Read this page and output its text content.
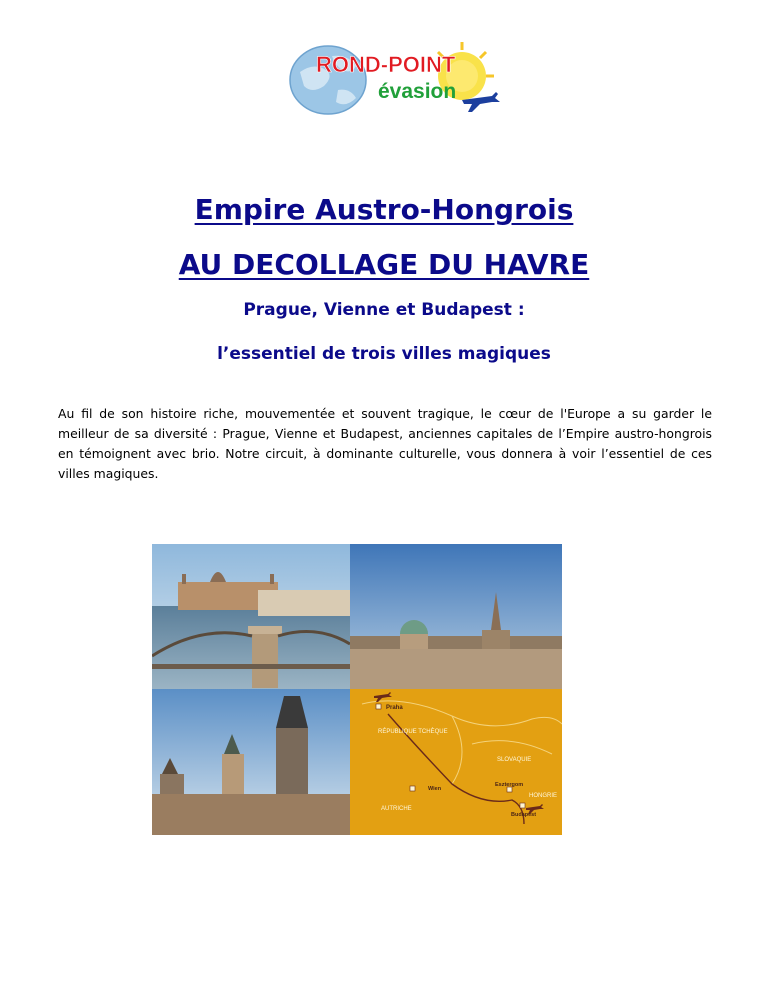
ROND-POINT
évasion
Empire Austro-Hongrois
AU DECOLLAGE DU HAVRE
Prague, Vienne et Budapest :
l’essentiel de trois villes magiques

Au fil de son histoire riche, mouvementée et souvent tragique, le cœur de l'Europe a su garder le meilleur de sa diversité : Prague, Vienne et Budapest, anciennes capitales de l’Empire austro-hongrois en témoignent avec brio. Notre circuit, à dominante culturelle, vous donnera à voir l’essentiel de ces villes magiques.

Praha
RÉPUBLIQUE TCHÈQUE
SLOVAQUIE
Wien
Esztergom
HONGRIE
AUTRICHE
Budapest
